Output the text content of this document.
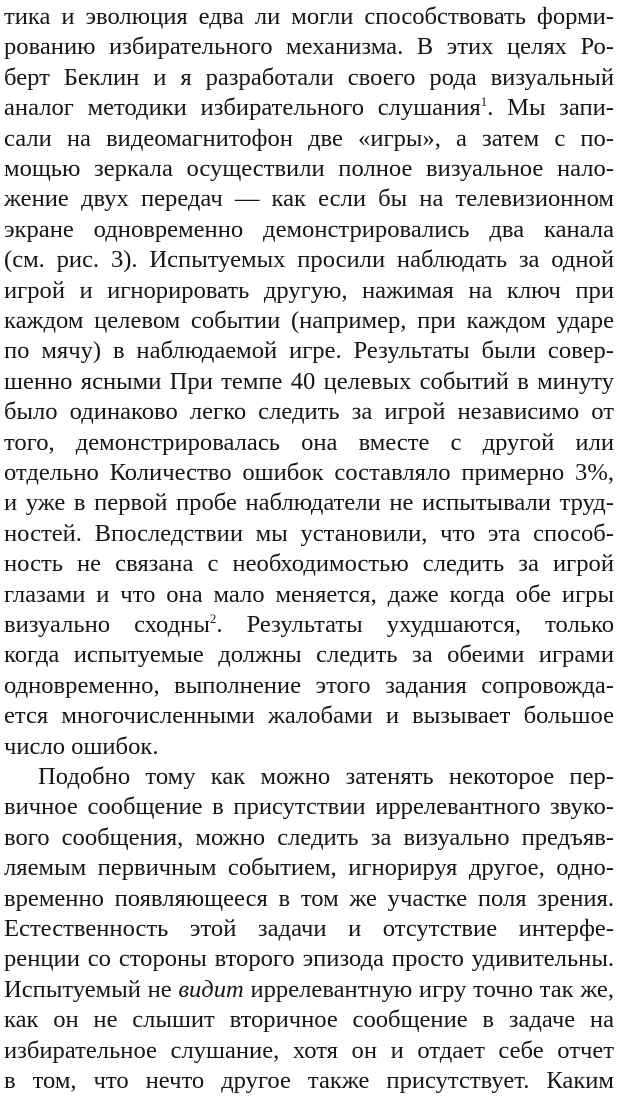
тика и эволюция едва ли могли способствовать форми-
рованию избирательного механизма. В этих целях Ро-
берт Беклин и я разработали своего рода визуальный
аналог методики избирательного слушания$^1$. Мы запи-
сали на видеомагнитофон две «игры», а затем с по-
мощью зеркала осуществили полное визуальное нало-
жение двух передач — как если бы на телевизионном
экране одновременно демонстрировались два канала
(см. рис. 3). Испытуемых просили наблюдать за одной
игрой и игнорировать другую, нажимая на ключ при
каждом целевом событии (например, при каждом ударе
по мячу) в наблюдаемой игре. Результаты были совер-
шенно ясными При темпе 40 целевых событий в минуту
было одинаково легко следить за игрой независимо от
того, демонстрировалась она вместе с другой или
отдельно Количество ошибок составляло примерно 3%,
и уже в первой пробе наблюдатели не испытывали труд-
ностей. Впоследствии мы установили, что эта способ-
ность не связана с необходимостью следить за игрой
глазами и что она мало меняется, даже когда обе игры
визуально сходны$^2$. Результаты ухудшаются, только
когда испытуемые должны следить за обеими играми
одновременно, выполнение этого задания сопровожда-
ется многочисленными жалобами и вызывает большое
число ошибок.
Подобно тому как можно затенять некоторое пер-
вичное сообщение в присутствии иррелевантного звуко-
вого сообщения, можно следить за визуально предъяв-
ляемым первичным событием, игнорируя другое, одно-
временно появляющееся в том же участке поля зрения.
Естественность этой задачи и отсутствие интерфе-
ренции со стороны второго эпизода просто удивительны.
Испытуемый не видит иррелевантную игру точно так же,
как он не слышит вторичное сообщение в задаче на
избирательное слушание, хотя он и отдает себе отчет
в том, что нечто другое также присутствует. Каким
